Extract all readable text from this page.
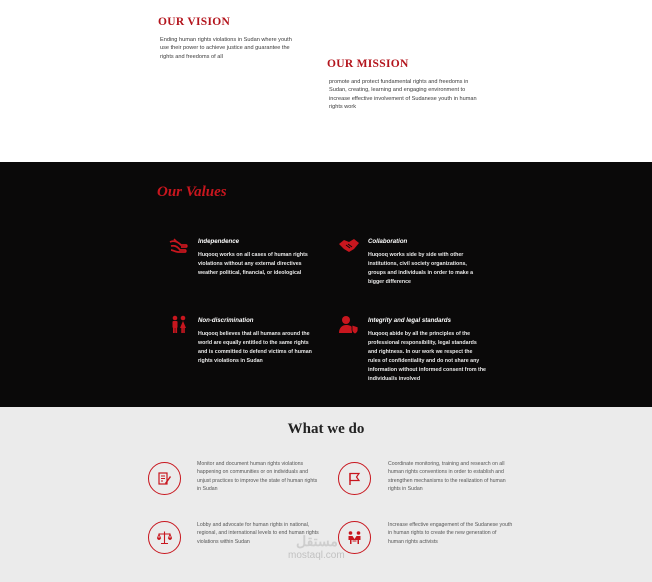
OUR VISION

Ending human rights violations in Sudan where youth use their power to achieve justice and guarantee the rights and freedoms of all

OUR MISSION

promote and protect fundamental rights and freedoms in Sudan, creating, learning and engaging environment to increase effective involvement of Sudanese youth in human rights work

Our Values
Independence
Huqooq works on all cases of human rights violations without any external directives weather political, financial, or ideological
Collaboration
Huqooq works side by side with other institutions, civil society organizations, groups and individuals in order to make a bigger difference
Non-discrimination
Huqooq believes that all humans around the world are equally entitled to the same rights and is committed to defend victims of human rights violations in Sudan
Integrity and legal standards
Huqooq abide by all the principles of the professional responsibility, legal standards and rightness. In our work we respect the rules of confidentiality and do not share any information without informed consent from the individual/s involved
What we do

Monitor and document human rights violations happening on communities or on individuals and unjust practices to improve the state of human rights in Sudan

Coordinate monitoring, training and research on all human rights conventions in order to establish and strengthen mechanisms to the realization of human rights in Sudan

Lobby and advocate for human rights in national, regional, and international levels to end human rights violations within Sudan

Increase effective engagement of the Sudanese youth in human rights to create the new generation of human rights activists

مستقل
mostaql.com
